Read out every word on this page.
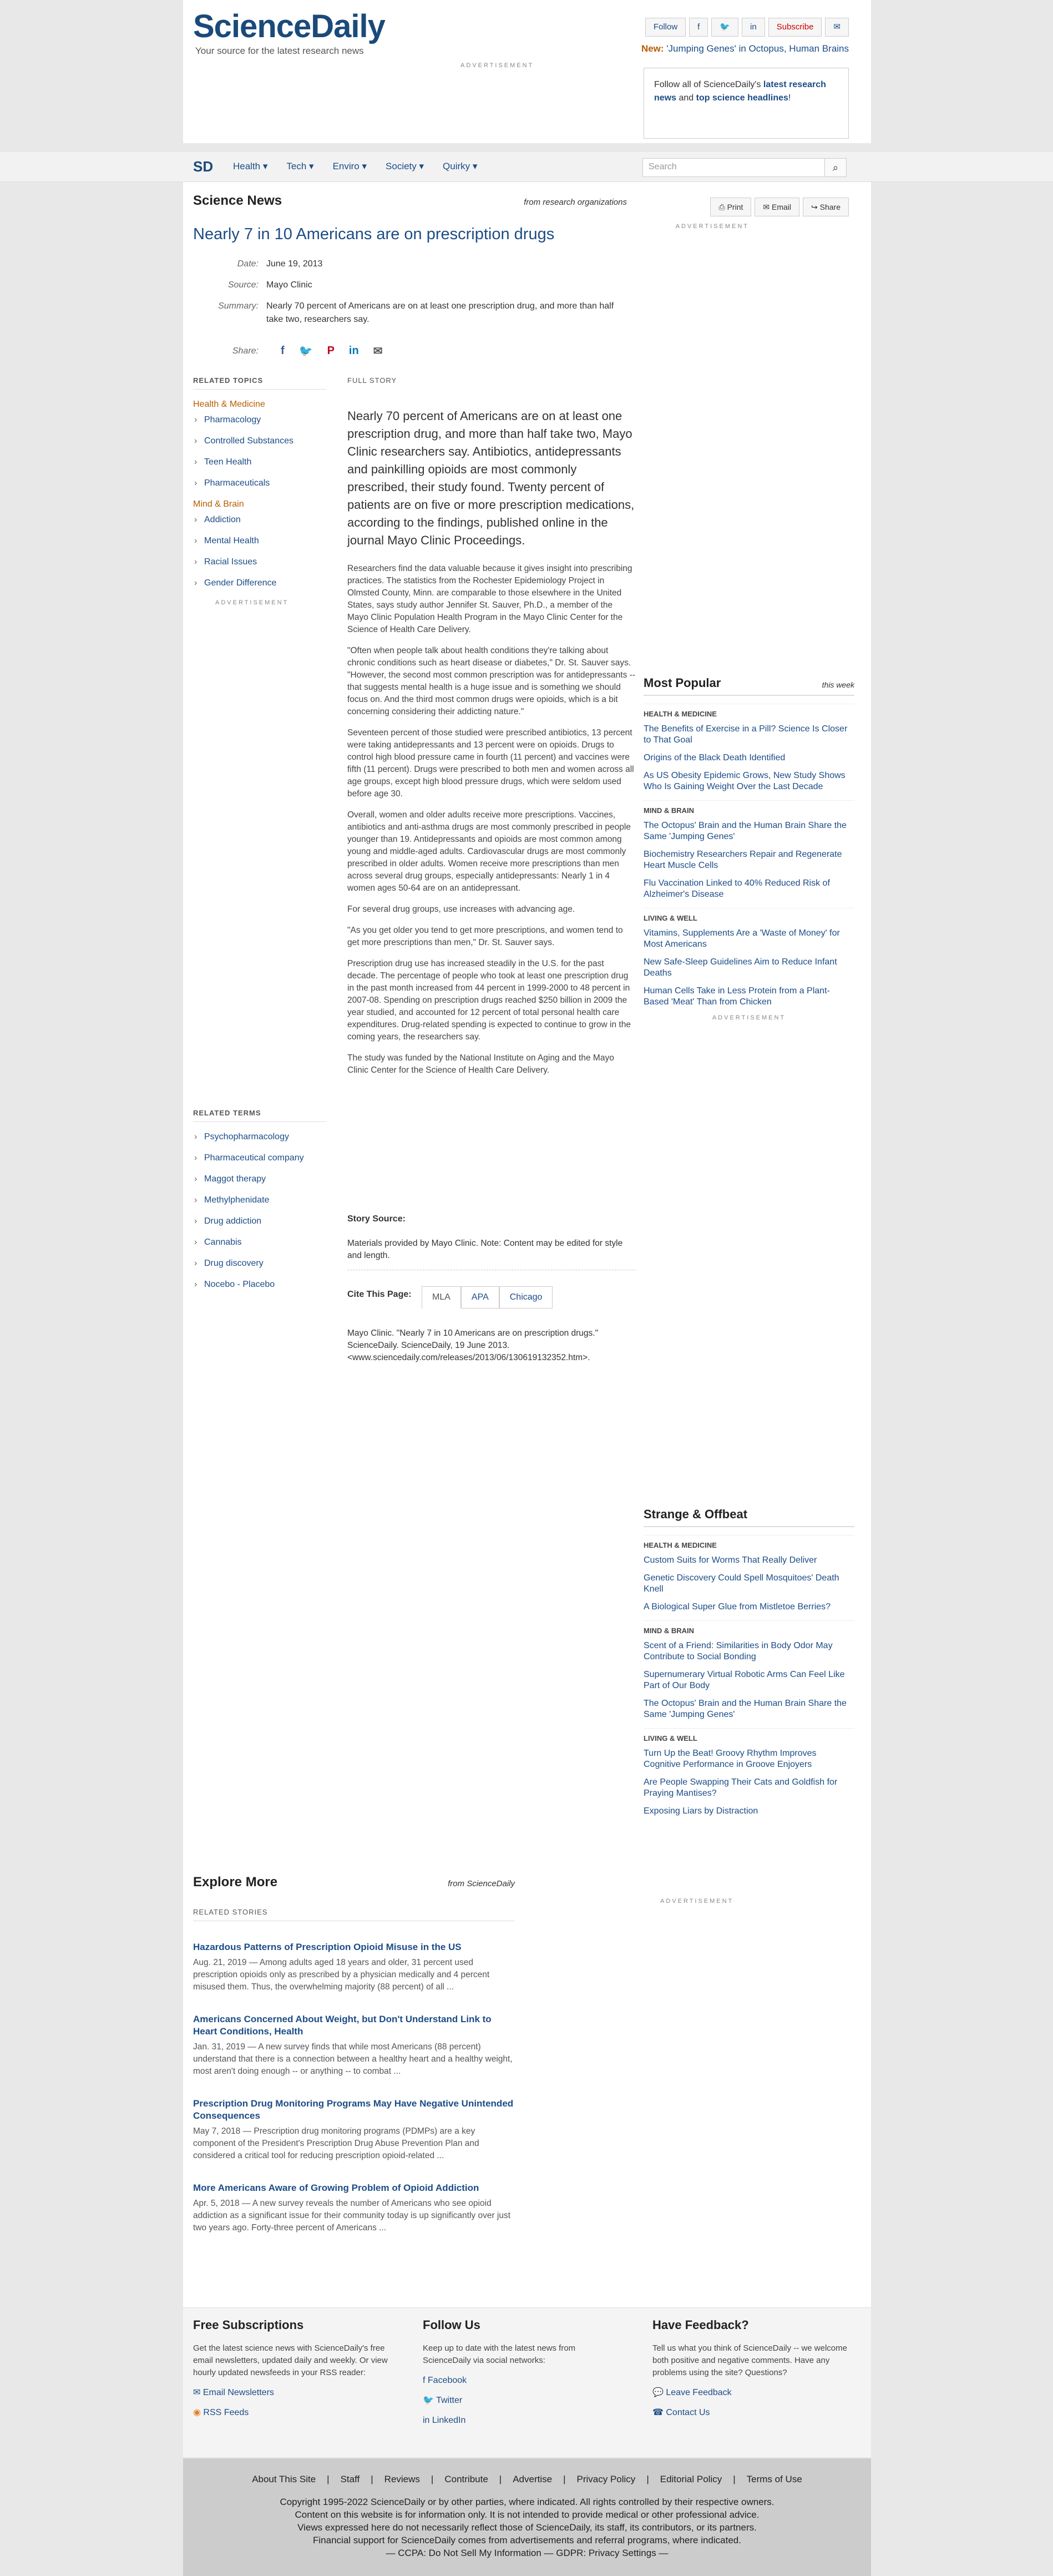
ScienceDaily
Your source for the latest research news
ADVERTISEMENT
Follow	f	🐦	in	Subscribe	✉
New: 'Jumping Genes' in Octopus, Human Brains
Follow all of ScienceDaily's latest research news and top science headlines!
SD Health ▾ Tech ▾ Enviro ▾ Society ▾ Quirky ▾	Search	⌕
Science News	from research organizations	⎙ Print	✉ Email	↪ Share
ADVERTISEMENT
Nearly 7 in 10 Americans are on prescription drugs
Date: June 19, 2013
Source: Mayo Clinic
Summary: Nearly 70 percent of Americans are on at least one prescription drug, and more than half take two, researchers say.
Share:	f 🐦 P in ✉
RELATED TOPICS
Health & Medicine
› Pharmacology
› Controlled Substances
› Teen Health
› Pharmaceuticals
Mind & Brain
› Addiction
› Mental Health
› Racial Issues
› Gender Difference
ADVERTISEMENT
RELATED TERMS
› Psychopharmacology
› Pharmaceutical company
› Maggot therapy
› Methylphenidate
› Drug addiction
› Cannabis
› Drug discovery
› Nocebo - Placebo
FULL STORY
Nearly 70 percent of Americans are on at least one prescription drug, and more than half take two, Mayo Clinic researchers say. Antibiotics, antidepressants and painkilling opioids are most commonly prescribed, their study found. Twenty percent of patients are on five or more prescription medications, according to the findings, published online in the journal Mayo Clinic Proceedings.

Researchers find the data valuable because it gives insight into prescribing practices. The statistics from the Rochester Epidemiology Project in Olmsted County, Minn. are comparable to those elsewhere in the United States, says study author Jennifer St. Sauver, Ph.D., a member of the Mayo Clinic Population Health Program in the Mayo Clinic Center for the Science of Health Care Delivery.

"Often when people talk about health conditions they're talking about chronic conditions such as heart disease or diabetes," Dr. St. Sauver says. "However, the second most common prescription was for antidepressants -- that suggests mental health is a huge issue and is something we should focus on. And the third most common drugs were opioids, which is a bit concerning considering their addicting nature."

Seventeen percent of those studied were prescribed antibiotics, 13 percent were taking antidepressants and 13 percent were on opioids. Drugs to control high blood pressure came in fourth (11 percent) and vaccines were fifth (11 percent). Drugs were prescribed to both men and women across all age groups, except high blood pressure drugs, which were seldom used before age 30.

Overall, women and older adults receive more prescriptions. Vaccines, antibiotics and anti-asthma drugs are most commonly prescribed in people younger than 19. Antidepressants and opioids are most common among young and middle-aged adults. Cardiovascular drugs are most commonly prescribed in older adults. Women receive more prescriptions than men across several drug groups, especially antidepressants: Nearly 1 in 4 women ages 50-64 are on an antidepressant.

For several drug groups, use increases with advancing age.

"As you get older you tend to get more prescriptions, and women tend to get more prescriptions than men," Dr. St. Sauver says.

Prescription drug use has increased steadily in the U.S. for the past decade. The percentage of people who took at least one prescription drug in the past month increased from 44 percent in 1999-2000 to 48 percent in 2007-08. Spending on prescription drugs reached $250 billion in 2009 the year studied, and accounted for 12 percent of total personal health care expenditures. Drug-related spending is expected to continue to grow in the coming years, the researchers say.

The study was funded by the National Institute on Aging and the Mayo Clinic Center for the Science of Health Care Delivery.

Story Source:
Materials provided by Mayo Clinic. Note: Content may be edited for style and length.
Cite This Page:	MLA	APA	Chicago
Mayo Clinic. "Nearly 7 in 10 Americans are on prescription drugs." ScienceDaily. ScienceDaily, 19 June 2013. <www.sciencedaily.com/releases/2013/06/130619132352.htm>.
Most Popular	this week
HEALTH & MEDICINE
The Benefits of Exercise in a Pill? Science Is Closer to That Goal
Origins of the Black Death Identified
As US Obesity Epidemic Grows, New Study Shows Who Is Gaining Weight Over the Last Decade
MIND & BRAIN
The Octopus' Brain and the Human Brain Share the Same 'Jumping Genes'
Biochemistry Researchers Repair and Regenerate Heart Muscle Cells
Flu Vaccination Linked to 40% Reduced Risk of Alzheimer's Disease
LIVING & WELL
Vitamins, Supplements Are a 'Waste of Money' for Most Americans
New Safe-Sleep Guidelines Aim to Reduce Infant Deaths
Human Cells Take in Less Protein from a Plant-Based 'Meat' Than from Chicken
ADVERTISEMENT
Strange & Offbeat
HEALTH & MEDICINE
Custom Suits for Worms That Really Deliver
Genetic Discovery Could Spell Mosquitoes' Death Knell
A Biological Super Glue from Mistletoe Berries?
MIND & BRAIN
Scent of a Friend: Similarities in Body Odor May Contribute to Social Bonding
Supernumerary Virtual Robotic Arms Can Feel Like Part of Our Body
The Octopus' Brain and the Human Brain Share the Same 'Jumping Genes'
LIVING & WELL
Turn Up the Beat! Groovy Rhythm Improves Cognitive Performance in Groove Enjoyers
Are People Swapping Their Cats and Goldfish for Praying Mantises?
Exposing Liars by Distraction
Explore More	from ScienceDaily
RELATED STORIES
Hazardous Patterns of Prescription Opioid Misuse in the US

Aug. 21, 2019 — Among adults aged 18 years and older, 31 percent used prescription opioids only as prescribed by a physician medically and 4 percent misused them. Thus, the overwhelming majority (88 percent) of all ...

Americans Concerned About Weight, but Don't Understand Link to Heart Conditions, Health

Jan. 31, 2019 — A new survey finds that while most Americans (88 percent) understand that there is a connection between a healthy heart and a healthy weight, most aren't doing enough -- or anything -- to combat ...

Prescription Drug Monitoring Programs May Have Negative Unintended Consequences

May 7, 2018 — Prescription drug monitoring programs (PDMPs) are a key component of the President's Prescription Drug Abuse Prevention Plan and considered a critical tool for reducing prescription opioid-related ...

More Americans Aware of Growing Problem of Opioid Addiction

Apr. 5, 2018 — A new survey reveals the number of Americans who see opioid addiction as a significant issue for their community today is up significantly over just two years ago. Forty-three percent of Americans ...

ADVERTISEMENT
Free Subscriptions
Get the latest science news with ScienceDaily's free email newsletters, updated daily and weekly. Or view hourly updated newsfeeds in your RSS reader:
✉ Email Newsletters
◉ RSS Feeds
Follow Us
Keep up to date with the latest news from ScienceDaily via social networks:
f Facebook
🐦 Twitter
in LinkedIn
Have Feedback?
Tell us what you think of ScienceDaily -- we welcome both positive and negative comments. Have any problems using the site? Questions?
💬 Leave Feedback
☎ Contact Us
About This Site | Staff | Reviews | Contribute | Advertise | Privacy Policy | Editorial Policy | Terms of Use
Copyright 1995-2022 ScienceDaily or by other parties, where indicated. All rights controlled by their respective owners.
Content on this website is for information only. It is not intended to provide medical or other professional advice.
Views expressed here do not necessarily reflect those of ScienceDaily, its staff, its contributors, or its partners.
Financial support for ScienceDaily comes from advertisements and referral programs, where indicated.
— CCPA: Do Not Sell My Information — GDPR: Privacy Settings —
